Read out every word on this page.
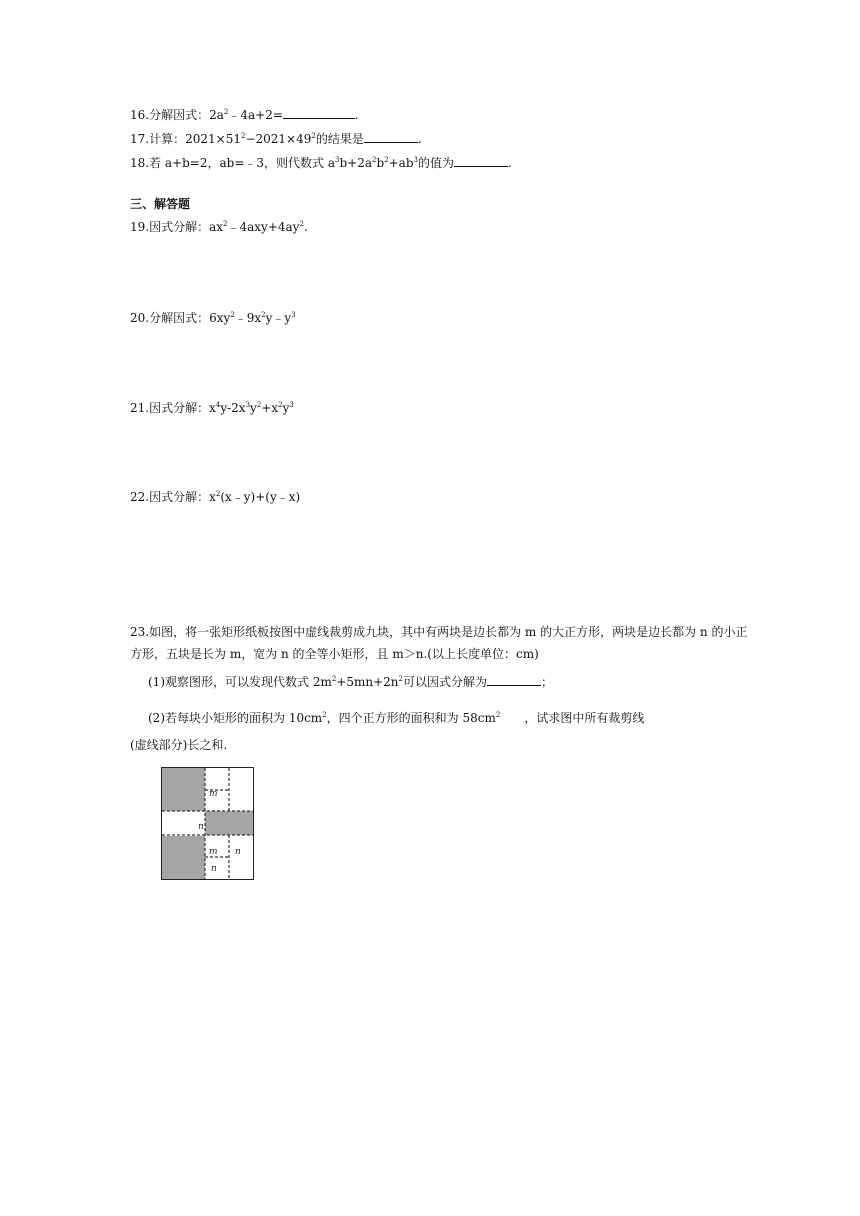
16.分解因式：$2a^2﹣4a+2=$	.
17.计算：$2021\times 51^2-2021\times 49^2$的结果是	.
18.若 a+b=2，ab=﹣3，则代数式 $a^3b+2a^2b^2+ab^3$的值为	.
三、解答题
19.因式分解：$ax^2﹣4axy+4ay^2$.
20.分解因式：$6xy^2﹣9x^2y﹣y^3$
21.因式分解：$x^4y-2x^3y^2+x^2y^3$
22.因式分解：$x^2(x﹣y)+(y﹣x)$
23.如图，将一张矩形纸板按图中虚线裁剪成九块，其中有两块是边长都为 m 的大正方形，两块是边长都为 n 的小正方形，五块是长为 m，宽为 n 的全等小矩形，且 m＞n.(以上长度单位：cm)
(1)观察图形，可以发现代数式 $2m^2+5mn+2n^2$可以因式分解为	；
(2)若每块小矩形的面积为 $10cm^2$，四个正方形的面积和为 $58cm^2$ ，试求图中所有裁剪线
(虚线部分)长之和.
m
n
m
n
n
